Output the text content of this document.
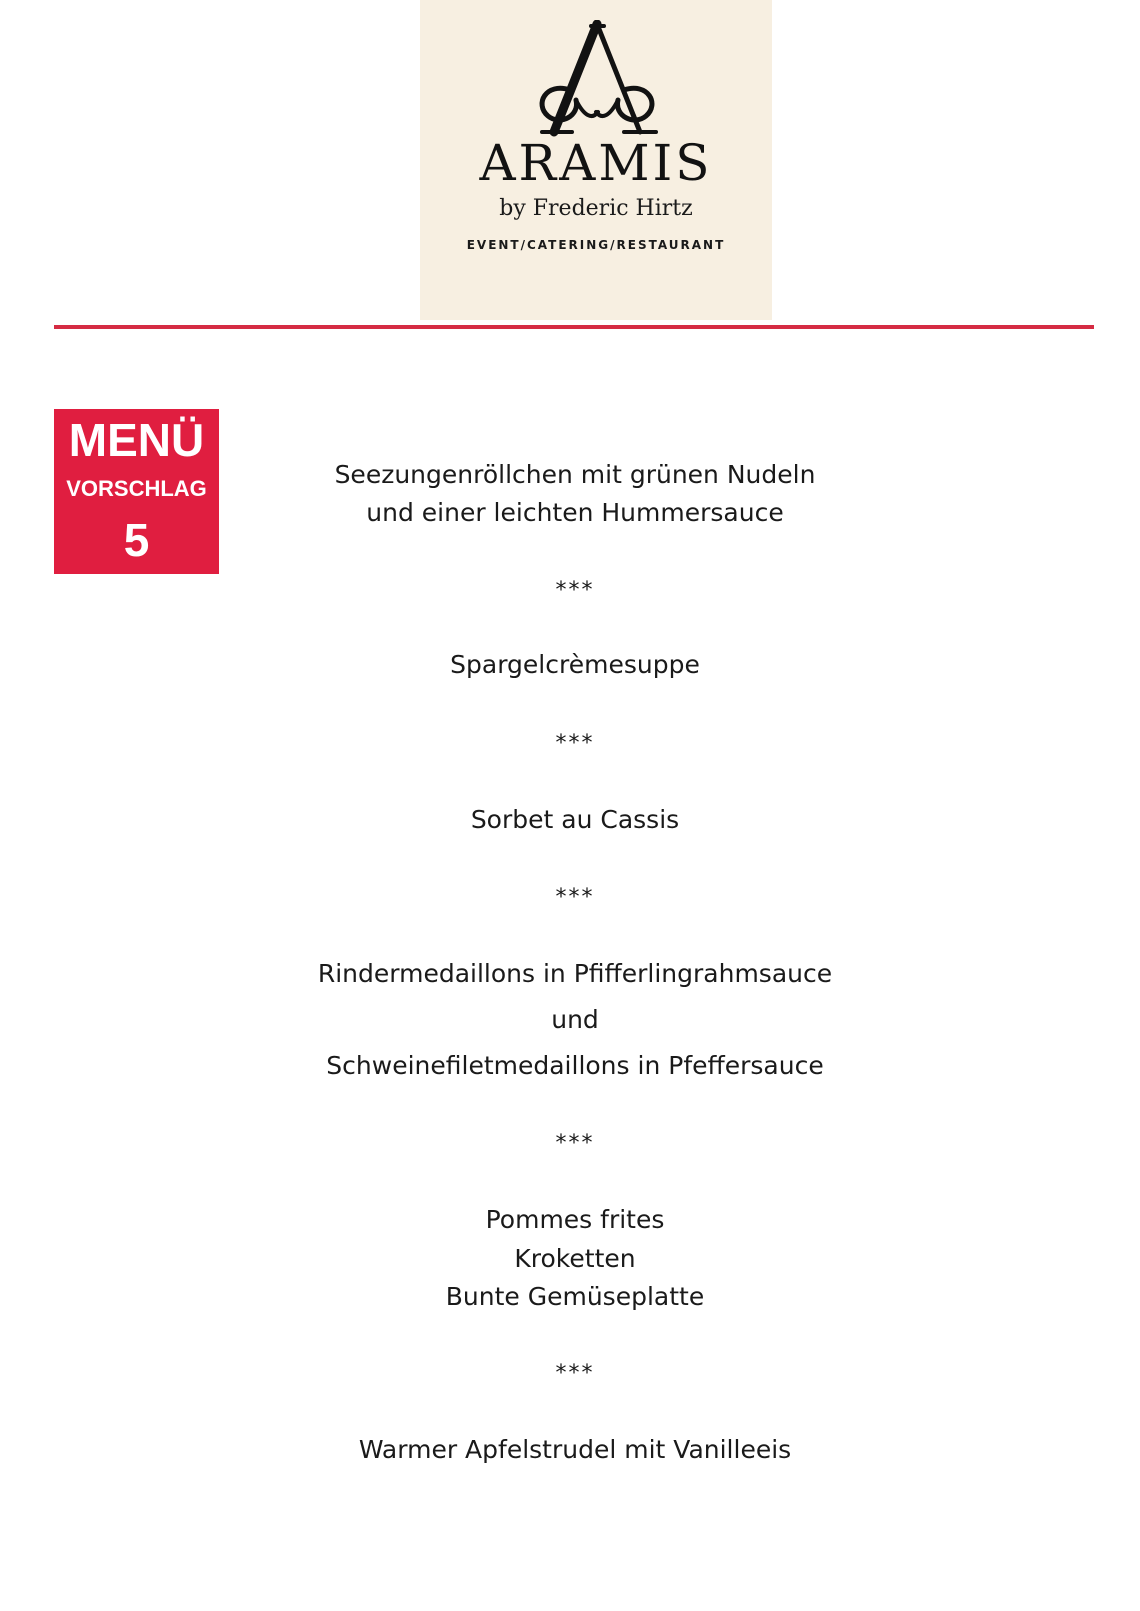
ARAMIS
by Frederic Hirtz
EVENT/CATERING/RESTAURANT
MENÜ
VORSCHLAG
5
Seezungenröllchen mit grünen Nudeln
und einer leichten Hummersauce
***
Spargelcrèmesuppe
***
Sorbet au Cassis
***
Rindermedaillons in Pfifferlingrahmsauce
und
Schweinefiletmedaillons in Pfeffersauce
***
Pommes frites
Kroketten
Bunte Gemüseplatte
***
Warmer Apfelstrudel mit Vanilleeis
